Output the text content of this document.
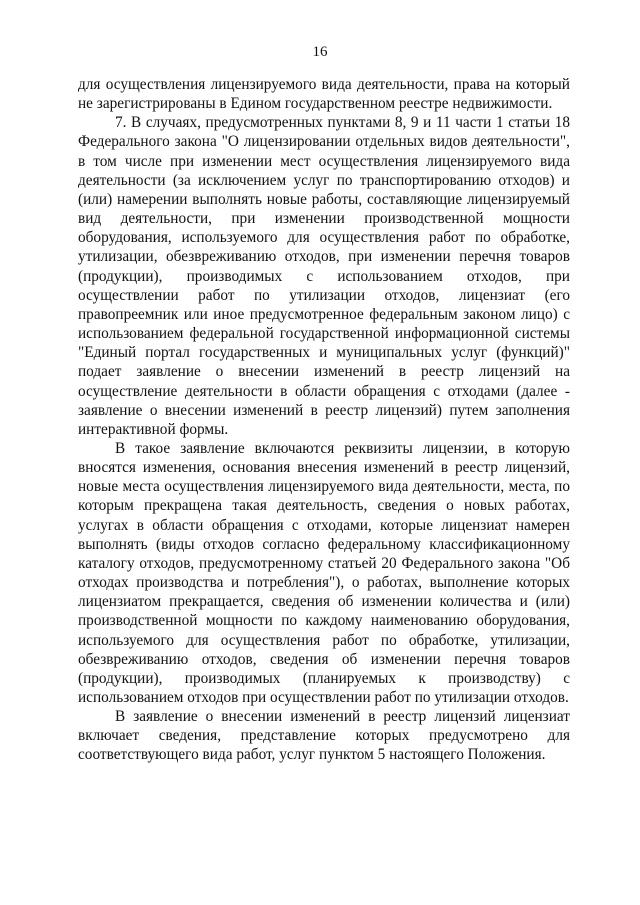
16

для осуществления лицензируемого вида деятельности, права на который не зарегистрированы в Едином государственном реестре недвижимости.

7. В случаях, предусмотренных пунктами 8, 9 и 11 части 1 статьи 18 Федерального закона "О лицензировании отдельных видов деятельности", в том числе при изменении мест осуществления лицензируемого вида деятельности (за исключением услуг по транспортированию отходов) и (или) намерении выполнять новые работы, составляющие лицензируемый вид деятельности, при изменении производственной мощности оборудования, используемого для осуществления работ по обработке, утилизации, обезвреживанию отходов, при изменении перечня товаров (продукции), производимых с использованием отходов, при осуществлении работ по утилизации отходов, лицензиат (его правопреемник или иное предусмотренное федеральным законом лицо) с использованием федеральной государственной информационной системы "Единый портал государственных и муниципальных услуг (функций)" подает заявление о внесении изменений в реестр лицензий на осуществление деятельности в области обращения с отходами (далее - заявление о внесении изменений в реестр лицензий) путем заполнения интерактивной формы.

В такое заявление включаются реквизиты лицензии, в которую вносятся изменения, основания внесения изменений в реестр лицензий, новые места осуществления лицензируемого вида деятельности, места, по которым прекращена такая деятельность, сведения о новых работах, услугах в области обращения с отходами, которые лицензиат намерен выполнять (виды отходов согласно федеральному классификационному каталогу отходов, предусмотренному статьей 20 Федерального закона "Об отходах производства и потребления"), о работах, выполнение которых лицензиатом прекращается, сведения об изменении количества и (или) производственной мощности по каждому наименованию оборудования, используемого для осуществления работ по обработке, утилизации, обезвреживанию отходов, сведения об изменении перечня товаров (продукции), производимых (планируемых к производству) с использованием отходов при осуществлении работ по утилизации отходов.

В заявление о внесении изменений в реестр лицензий лицензиат включает сведения, представление которых предусмотрено для соответствующего вида работ, услуг пунктом 5 настоящего Положения.
